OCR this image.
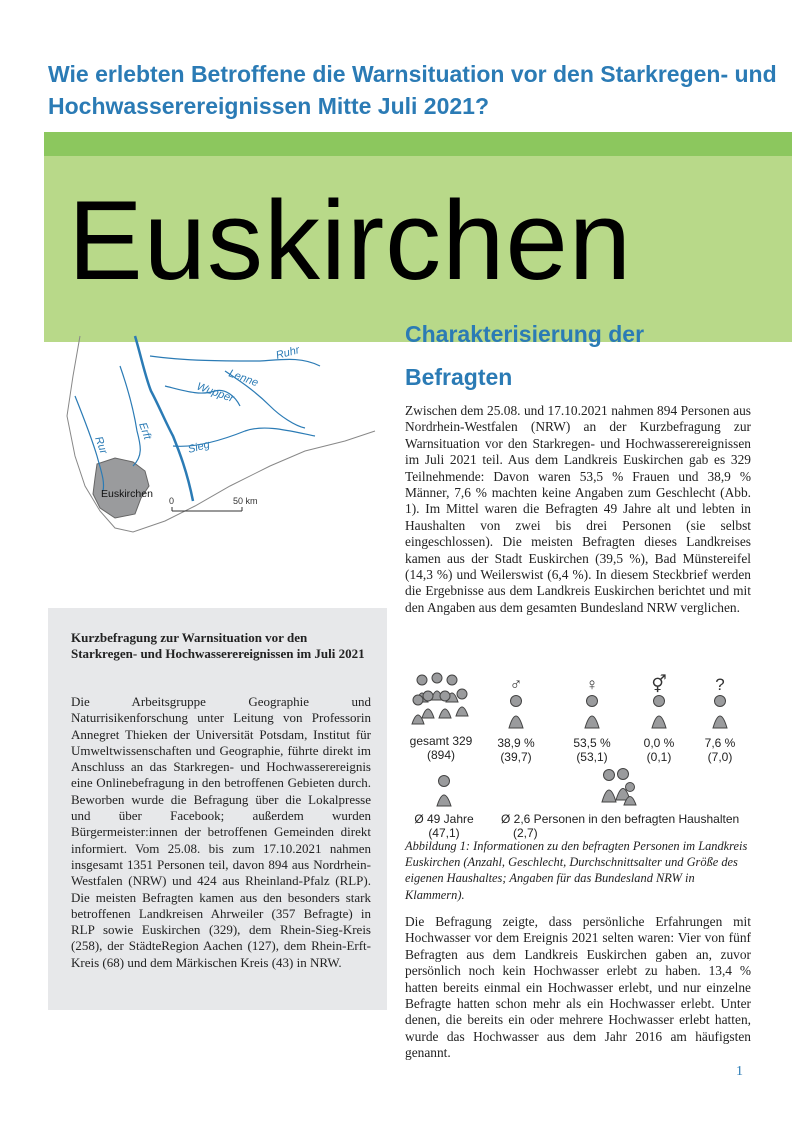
Wie erlebten Betroffene die Warnsituation vor den Starkregen- und Hochwasserereignissen Mitte Juli 2021?
Euskirchen
Ruhr
Lenne
Wupper
Erft
Rur	Sieg
Euskirchen
0	50 km
Charakterisierung der
Befragten

Zwischen dem 25.08. und 17.10.2021 nahmen 894 Personen aus Nordrhein-Westfalen (NRW) an der Kurzbefragung zur Warnsituation vor den Starkregen- und Hochwasserereignissen im Juli 2021 teil. Aus dem Landkreis Euskirchen gab es 329 Teilnehmende: Davon waren 53,5 % Frauen und 38,9 % Männer, 7,6 % machten keine Angaben zum Geschlecht (Abb. 1). Im Mittel waren die Befragten 49 Jahre alt und lebten in Haushalten von zwei bis drei Personen (sie selbst eingeschlossen). Die meisten Befragten dieses Landkreises kamen aus der Stadt Euskirchen (39,5 %), Bad Münstereifel (14,3 %) und Weilerswist (6,4 %). In diesem Steckbrief werden die Ergebnisse aus dem Landkreis Euskirchen berichtet und mit den Angaben aus dem gesamten Bundesland NRW verglichen.

Kurzbefragung zur Warnsituation vor den Starkregen- und Hochwasserereignissen im Juli 2021

Die Arbeitsgruppe Geographie und Naturrisikenforschung unter Leitung von Professorin Annegret Thieken der Universität Potsdam, Institut für Umweltwissenschaften und Geographie, führte direkt im Anschluss an das Starkregen- und Hochwasserereignis eine Onlinebefragung in den betroffenen Gebieten durch. Beworben wurde die Befragung über die Lokalpresse und über Facebook; außerdem wurden Bürgermeister:innen der betroffenen Gemeinden direkt informiert. Vom 25.08. bis zum 17.10.2021 nahmen insgesamt 1351 Personen teil, davon 894 aus Nordrhein-Westfalen (NRW) und 424 aus Rheinland-Pfalz (RLP). Die meisten Befragten kamen aus den besonders stark betroffenen Landkreisen Ahrweiler (357 Befragte) in RLP sowie Euskirchen (329), dem Rhein-Sieg-Kreis (258), der StädteRegion Aachen (127), dem Rhein-Erft-Kreis (68) und dem Märkischen Kreis (43) in NRW.

gesamt 329
(894)
♂
38,9 %
(39,7)
♀
53,5 %
(53,1)
⚥
0,0 %
(0,1)
?
7,6 %
(7,0)
Ø 49 Jahre
(47,1)
Ø 2,6 Personen in den befragten Haushalten
(2,7)

Abbildung 1: Informationen zu den befragten Personen im Landkreis Euskirchen (Anzahl, Geschlecht, Durchschnittsalter und Größe des eigenen Haushaltes; Angaben für das Bundesland NRW in Klammern).

Die Befragung zeigte, dass persönliche Erfahrungen mit Hochwasser vor dem Ereignis 2021 selten waren: Vier von fünf Befragten aus dem Landkreis Euskirchen gaben an, zuvor persönlich noch kein Hochwasser erlebt zu haben. 13,4 % hatten bereits einmal ein Hochwasser erlebt, und nur einzelne Befragte hatten schon mehr als ein Hochwasser erlebt. Unter denen, die bereits ein oder mehrere Hochwasser erlebt hatten, wurde das Hochwasser aus dem Jahr 2016 am häufigsten genannt.

1
